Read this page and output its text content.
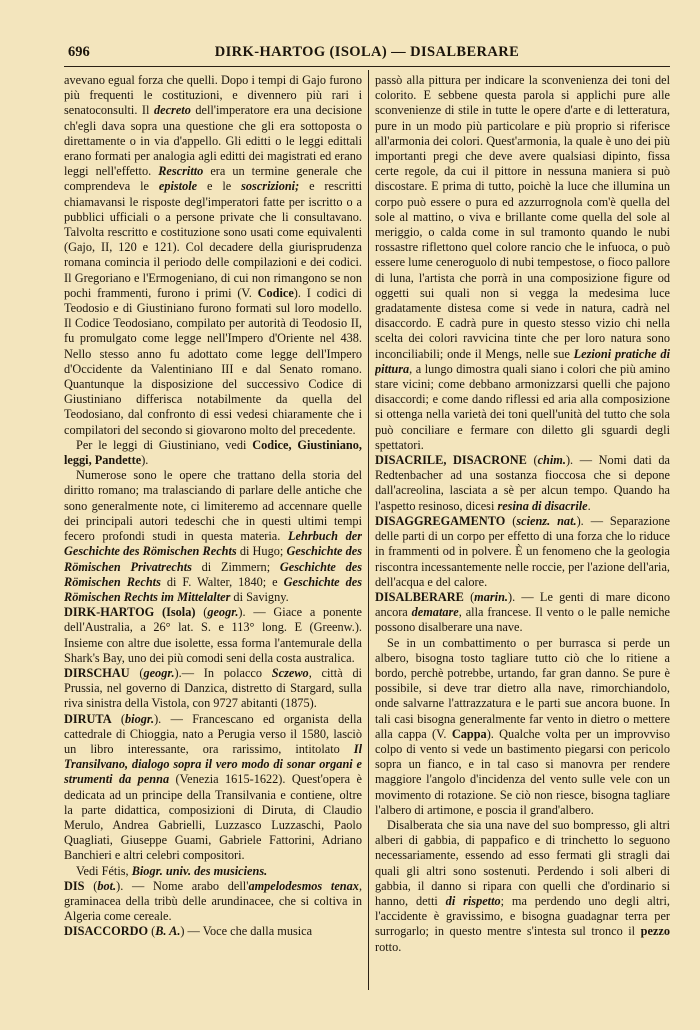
696	DIRK-HARTOG (ISOLA) — DISALBERARE

avevano egual forza che quelli. Dopo i tempi di Gajo furono più frequenti le costituzioni, e divennero più rari i senatoconsulti. Il decreto dell'imperatore era una decisione ch'egli dava sopra una questione che gli era sottoposta o direttamente o in via d'appello. Gli editti o le leggi edittali erano formati per analogia agli editti dei magistrati ed erano leggi nell'effetto. Rescritto era un termine generale che comprendeva le epistole e le soscrizioni; e rescritti chiamavansi le risposte degl'imperatori fatte per iscritto o a pubblici ufficiali o a persone private che li consultavano. Talvolta rescritto e costituzione sono usati come equivalenti (Gajo, II, 120 e 121). Col decadere della giurisprudenza romana comincia il periodo delle compilazioni e dei codici. Il Gregoriano e l'Ermogeniano, di cui non rimangono se non pochi frammenti, furono i primi (V. Codice). I codici di Teodosio e di Giustiniano furono formati sul loro modello. Il Codice Teodosiano, compilato per autorità di Teodosio II, fu promulgato come legge nell'Impero d'Oriente nel 438. Nello stesso anno fu adottato come legge dell'Impero d'Occidente da Valentiniano III e dal Senato romano. Quantunque la disposizione del successivo Codice di Giustiniano differisca notabilmente da quella del Teodosiano, dal confronto di essi vedesi chiaramente che i compilatori del secondo si giovarono molto del precedente.

Per le leggi di Giustiniano, vedi Codice, Giustiniano, leggi, Pandette).

Numerose sono le opere che trattano della storia del diritto romano; ma tralasciando di parlare delle antiche che sono generalmente note, ci limiteremo ad accennare quelle dei principali autori tedeschi che in questi ultimi tempi fecero profondi studi in questa materia. Lehrbuch der Geschichte des Römischen Rechts di Hugo; Geschichte des Römischen Privatrechts di Zimmern; Geschichte des Römischen Rechts di F. Walter, 1840; e Geschichte des Römischen Rechts im Mittelalter di Savigny.

DIRK-HARTOG (Isola) (geogr.). — Giace a ponente dell'Australia, a 26° lat. S. e 113° long. E (Greenw.). Insieme con altre due isolette, essa forma l'antemurale della Shark's Bay, uno dei più comodi seni della costa australica.

DIRSCHAU (geogr.).— In polacco Sczewo, città di Prussia, nel governo di Danzica, distretto di Stargard, sulla riva sinistra della Vistola, con 9727 abitanti (1875).

DIRUTA (biogr.). — Francescano ed organista della cattedrale di Chioggia, nato a Perugia verso il 1580, lasciò un libro interessante, ora rarissimo, intitolato Il Transilvano, dialogo sopra il vero modo di sonar organi e strumenti da penna (Venezia 1615-1622). Quest'opera è dedicata ad un principe della Transilvania e contiene, oltre la parte didattica, composizioni di Diruta, di Claudio Merulo, Andrea Gabrielli, Luzzasco Luzzaschi, Paolo Quagliati, Giuseppe Guami, Gabriele Fattorini, Adriano Banchieri e altri celebri compositori.

Vedi Fétis, Biogr. univ. des musiciens.

DIS (bot.). — Nome arabo dell'ampelodesmos tenax, graminacea della tribù delle arundinacee, che si coltiva in Algeria come cereale.

DISACCORDO (B. A.) — Voce che dalla musica

passò alla pittura per indicare la sconvenienza dei toni del colorito. E sebbene questa parola si applichi pure alle sconvenienze di stile in tutte le opere d'arte e di letteratura, pure in un modo più particolare e più proprio si riferisce all'armonia dei colori. Quest'armonia, la quale è uno dei più importanti pregi che deve avere qualsiasi dipinto, fissa certe regole, da cui il pittore in nessuna maniera si può discostare. E prima di tutto, poichè la luce che illumina un corpo può essere o pura ed azzurrognola com'è quella del sole al mattino, o viva e brillante come quella del sole al meriggio, o calda come in sul tramonto quando le nubi rossastre riflettono quel colore rancio che le infuoca, o può essere lume ceneroguolo di nubi tempestose, o fioco pallore di luna, l'artista che porrà in una composizione figure od oggetti sui quali non si vegga la medesima luce gradatamente distesa come si vede in natura, cadrà nel disaccordo. E cadrà pure in questo stesso vizio chi nella scelta dei colori ravvicina tinte che per loro natura sono inconciliabili; onde il Mengs, nelle sue Lezioni pratiche di pittura, a lungo dimostra quali siano i colori che più amino stare vicini; come debbano armonizzarsi quelli che pajono disaccordi; e come dando riflessi ed aria alla composizione si ottenga nella varietà dei toni quell'unità del tutto che sola può conciliare e fermare con diletto gli sguardi degli spettatori.

DISACRILE, DISACRONE (chim.). — Nomi dati da Redtenbacher ad una sostanza fioccosa che si depone dall'acreolina, lasciata a sè per alcun tempo. Quando ha l'aspetto resinoso, dicesi resina di disacrile.

DISAGGREGAMENTO (scienz. nat.). — Separazione delle parti di un corpo per effetto di una forza che lo riduce in frammenti od in polvere. È un fenomeno che la geologia riscontra incessantemente nelle roccie, per l'azione dell'aria, dell'acqua e del calore.

DISALBERARE (marin.). — Le genti di mare dicono ancora dematare, alla francese. Il vento o le palle nemiche possono disalberare una nave.

Se in un combattimento o per burrasca si perde un albero, bisogna tosto tagliare tutto ciò che lo ritiene a bordo, perchè potrebbe, urtando, far gran danno. Se pure è possibile, si deve trar dietro alla nave, rimorchiandolo, onde salvarne l'attrazzatura e le parti sue ancora buone. In tali casi bisogna generalmente far vento in dietro o mettere alla cappa (V. Cappa). Qualche volta per un improvviso colpo di vento si vede un bastimento piegarsi con pericolo sopra un fianco, e in tal caso si manovra per rendere maggiore l'angolo d'incidenza del vento sulle vele con un movimento di rotazione. Se ciò non riesce, bisogna tagliare l'albero di artimone, e poscia il grand'albero.

Disalberata che sia una nave del suo bompresso, gli altri alberi di gabbia, di pappafico e di trinchetto lo seguono necessariamente, essendo ad esso fermati gli stragli dai quali gli altri sono sostenuti. Perdendo i soli alberi di gabbia, il danno si ripara con quelli che d'ordinario si hanno, detti di rispetto; ma perdendo uno degli altri, l'accidente è gravissimo, e bisogna guadagnar terra per surrogarlo; in questo mentre s'intesta sul tronco il pezzo rotto.
